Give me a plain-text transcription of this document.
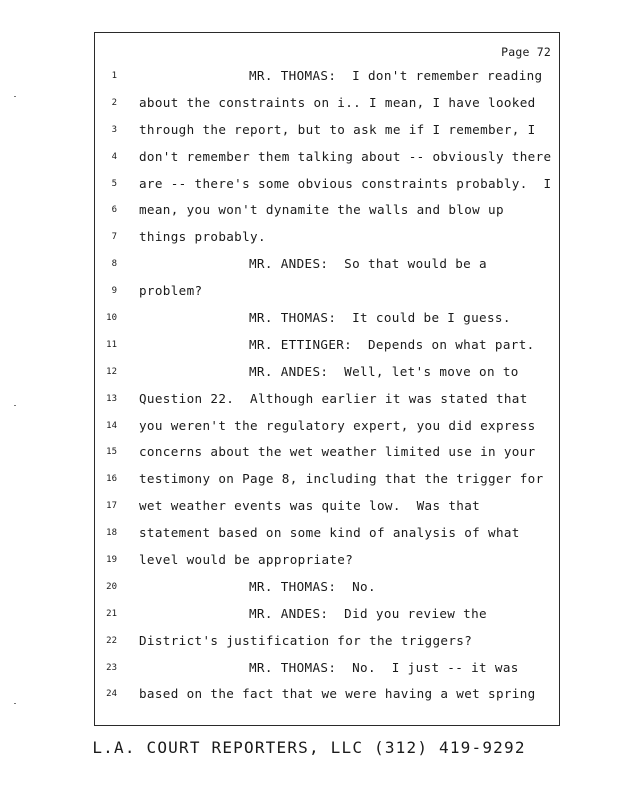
Page 72
1	MR. THOMAS:  I don't remember reading
2 about the constraints on i.. I mean, I have looked
3 through the report, but to ask me if I remember, I
4 don't remember them talking about -- obviously there
5 are -- there's some obvious constraints probably.  I
6 mean, you won't dynamite the walls and blow up
7 things probably.
8	MR. ANDES:  So that would be a
9 problem?
10	MR. THOMAS:  It could be I guess.
11	MR. ETTINGER:  Depends on what part.
12	MR. ANDES:  Well, let's move on to
13 Question 22.  Although earlier it was stated that
14 you weren't the regulatory expert, you did express
15 concerns about the wet weather limited use in your
16 testimony on Page 8, including that the trigger for
17 wet weather events was quite low.  Was that
18 statement based on some kind of analysis of what
19 level would be appropriate?
20	MR. THOMAS:  No.
21	MR. ANDES:  Did you review the
22 District's justification for the triggers?
23	MR. THOMAS:  No.  I just -- it was
24 based on the fact that we were having a wet spring
L.A. COURT REPORTERS, LLC (312) 419-9292
